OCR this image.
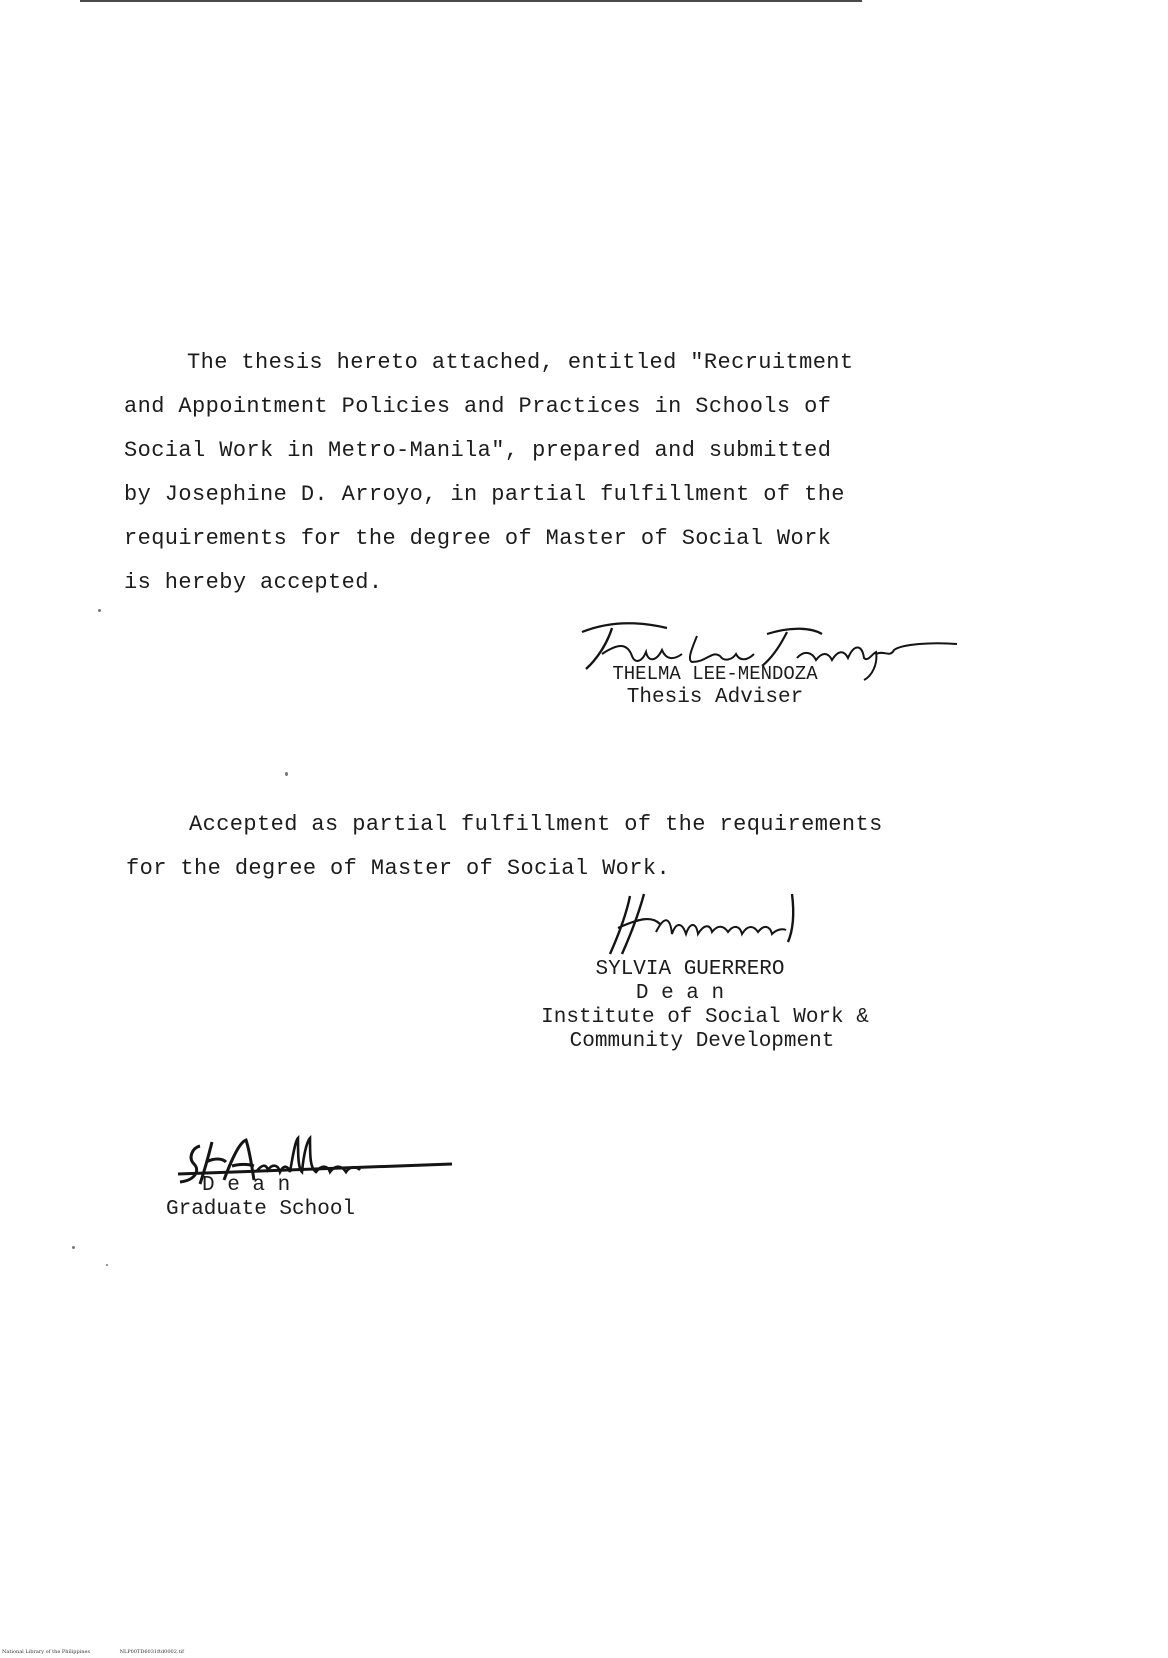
The thesis hereto attached, entitled "Recruitment
and Appointment Policies and Practices in Schools of
Social Work in Metro-Manila", prepared and submitted
by Josephine D. Arroyo, in partial fulfillment of the
requirements for the degree of Master of Social Work
is hereby accepted.
THELMA LEE-MENDOZA
Thesis Adviser
Accepted as partial fulfillment of the requirements
for the degree of Master of Social Work.
SYLVIA GUERRERO
D e a n
Institute of Social Work &
Community Development
D e a n
Graduate School
National Library of the Philippines	NLP00TD6031ftd0002.tif
